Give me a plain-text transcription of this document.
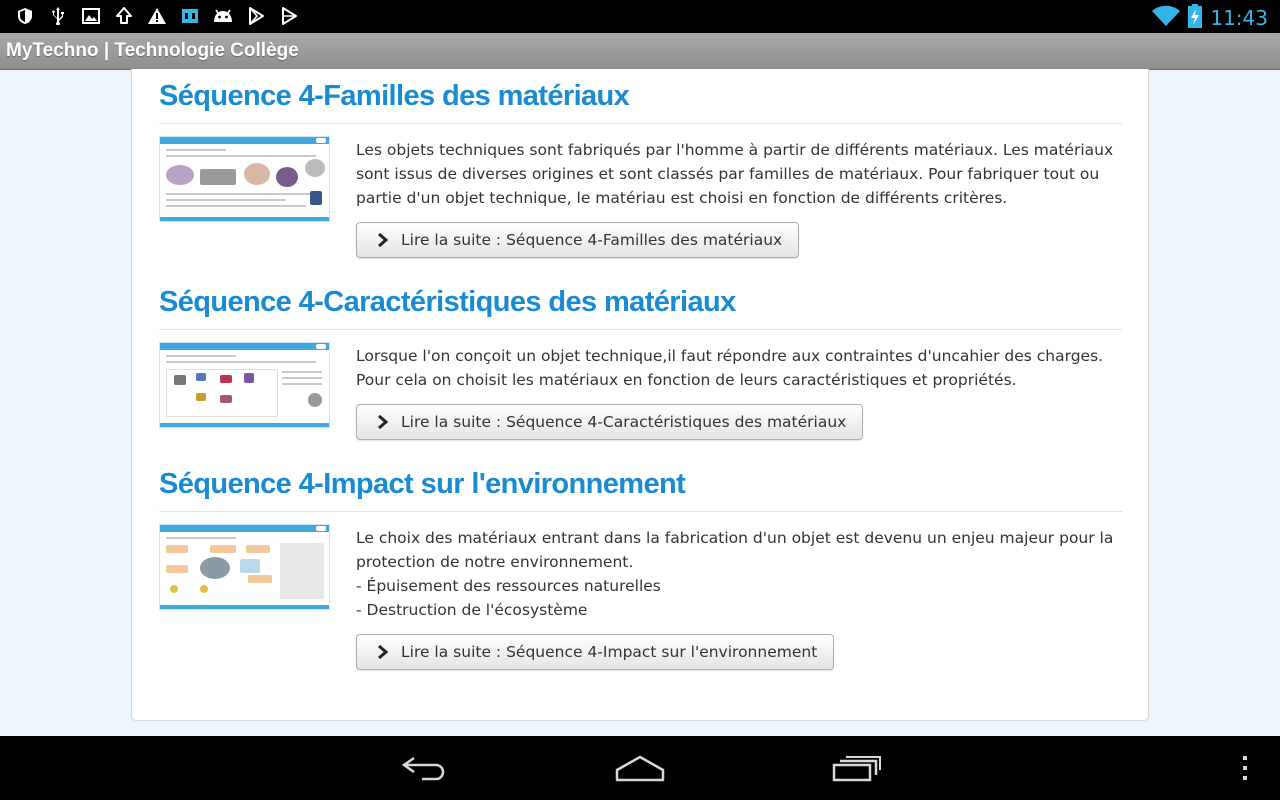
11:43
MyTechno | Technologie Collège
Séquence 4-Familles des matériaux

Les objets techniques sont fabriqués par l'homme à partir de différents matériaux. Les matériaux sont issus de diverses origines et sont classés par familles de matériaux. Pour fabriquer tout ou partie d'un objet technique, le matériau est choisi en fonction de différents critères.

Lire la suite : Séquence 4-Familles des matériaux
Séquence 4-Caractéristiques des matériaux

Lorsque l'on conçoit un objet technique,il faut répondre aux contraintes d'uncahier des charges. Pour cela on choisit les matériaux en fonction de leurs caractéristiques et propriétés.

Lire la suite : Séquence 4-Caractéristiques des matériaux
Séquence 4-Impact sur l'environnement

Le choix des matériaux entrant dans la fabrication d'un objet est devenu un enjeu majeur pour la protection de notre environnement.

- Épuisement des ressources naturelles

- Destruction de l'écosystème

Lire la suite : Séquence 4-Impact sur l'environnement
